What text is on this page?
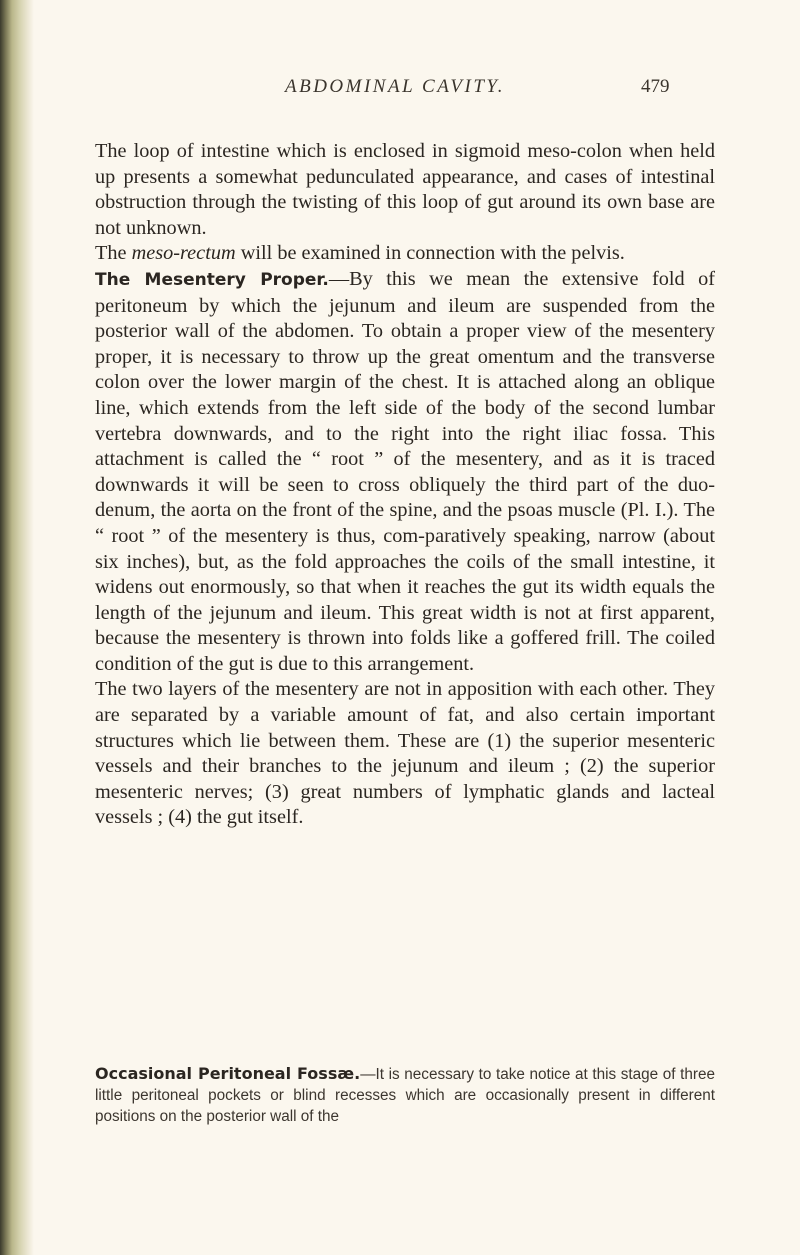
ABDOMINAL CAVITY.	479

The loop of intestine which is enclosed in sigmoid meso-colon when held up presents a somewhat pedunculated appearance, and cases of intestinal obstruction through the twisting of this loop of gut around its own base are not unknown.

The meso-rectum will be examined in connection with the pelvis.

The Mesentery Proper.—By this we mean the extensive fold of peritoneum by which the jejunum and ileum are suspended from the posterior wall of the abdomen. To obtain a proper view of the mesentery proper, it is necessary to throw up the great omentum and the transverse colon over the lower margin of the chest. It is attached along an oblique line, which extends from the left side of the body of the second lumbar vertebra downwards, and to the right into the right iliac fossa. This attachment is called the “ root ” of the mesentery, and as it is traced downwards it will be seen to cross obliquely the third part of the duo-denum, the aorta on the front of the spine, and the psoas muscle (Pl. I.). The “ root ” of the mesentery is thus, com-paratively speaking, narrow (about six inches), but, as the fold approaches the coils of the small intestine, it widens out enormously, so that when it reaches the gut its width equals the length of the jejunum and ileum. This great width is not at first apparent, because the mesentery is thrown into folds like a goffered frill. The coiled condition of the gut is due to this arrangement.

The two layers of the mesentery are not in apposition with each other. They are separated by a variable amount of fat, and also certain important structures which lie between them. These are (1) the superior mesenteric vessels and their branches to the jejunum and ileum ; (2) the superior mesenteric nerves; (3) great numbers of lymphatic glands and lacteal vessels ; (4) the gut itself.

Occasional Peritoneal Fossæ.—It is necessary to take notice at this stage of three little peritoneal pockets or blind recesses which are occasionally present in different positions on the posterior wall of the
